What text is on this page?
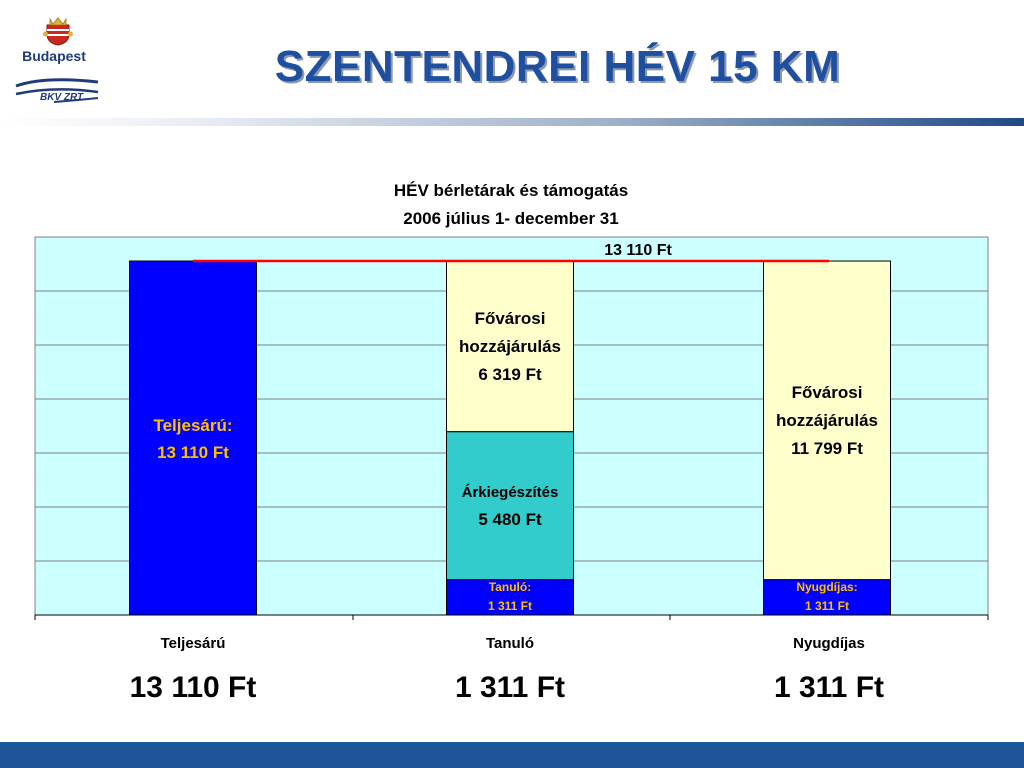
Budapest
BKV ZRT
SZENTENDREI HÉV 15 KM
HÉV bérletárak és támogatás
2006 július 1- december 31
13 110 Ft
Teljesárú	Tanuló	Nyugdíjas
13 110 Ft	1 311 Ft	1 311 Ft
Teljesárú:
13 110 Ft
Tanuló:
1 311 Ft
Nyugdíjas:
1 311 Ft
Árkiegészítés
5 480 Ft
Fővárosi
hozzájárulás
6 319 Ft
Fővárosi
hozzájárulás
11 799 Ft
